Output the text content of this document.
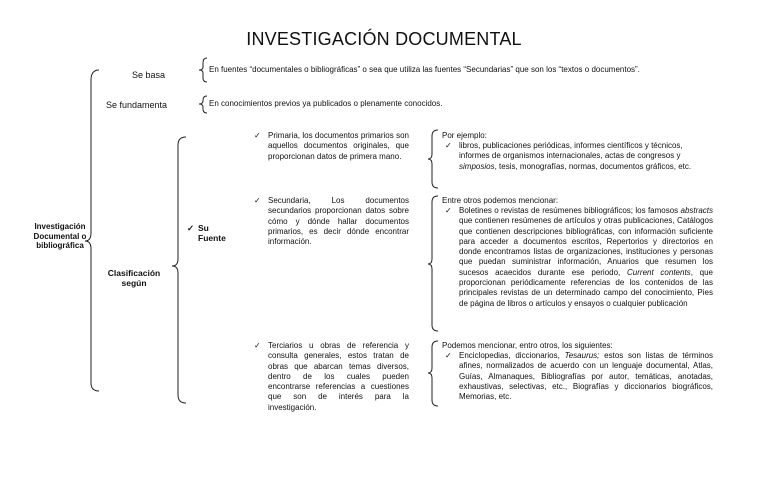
INVESTIGACIÓN DOCUMENTAL
Investigación
Documental o
bibliográfica
Se basa
En fuentes “documentales o bibliográficas” o sea que utiliza las fuentes “Secundarias” que son los “textos o documentos”.
Se fundamenta	En conocimientos previos ya publicados o plenamente conocidos.
Clasificación
según
✓ Su
Fuente
✓ Primaria, los documentos primarios son aquellos documentos originales, que proporcionan datos de primera mano.
Por ejemplo:
✓ libros, publicaciones periódicas, informes científicos y técnicos, informes de organismos internacionales, actas de congresos y simposios, tesis, monografías, normas, documentos gráficos, etc.
✓ Secundaria, Los documentos secundarios proporcionan datos sobre cómo y dónde hallar documentos primarios, es decir dónde encontrar información.
Entre otros podemos mencionar:
✓ Boletines o revistas de resúmenes bibliográficos; los famosos abstracts que contienen resúmenes de artículos y otras publicaciones, Catálogos que contienen descripciones bibliográficas, con información suficiente para acceder a documentos escritos, Repertorios y directorios en donde encontramos listas de organizaciones, instituciones y personas que puedan suministrar información, Anuarios que resumen los sucesos acaecidos durante ese periodo, Current contents, que proporcionan periódicamente referencias de los contenidos de las principales revistas de un determinado campo del conocimiento, Pies de página de libros o artículos y ensayos o cualquier publicación
✓ Terciarios u obras de referencia y consulta generales, estos tratan de obras que abarcan temas diversos, dentro de los cuales pueden encontrarse referencias a cuestiones que son de interés para la investigación.
Podemos mencionar, entro otros, los siguientes:
✓ Enciclopedias, diccionarios, Tesaurus; estos son listas de términos afines, normalizados de acuerdo con un lenguaje documental, Atlas, Guías, Almanaques, Bibliografías por autor, temáticas, anotadas, exhaustivas, selectivas, etc., Biografías y diccionarios biográficos, Memorias, etc.
